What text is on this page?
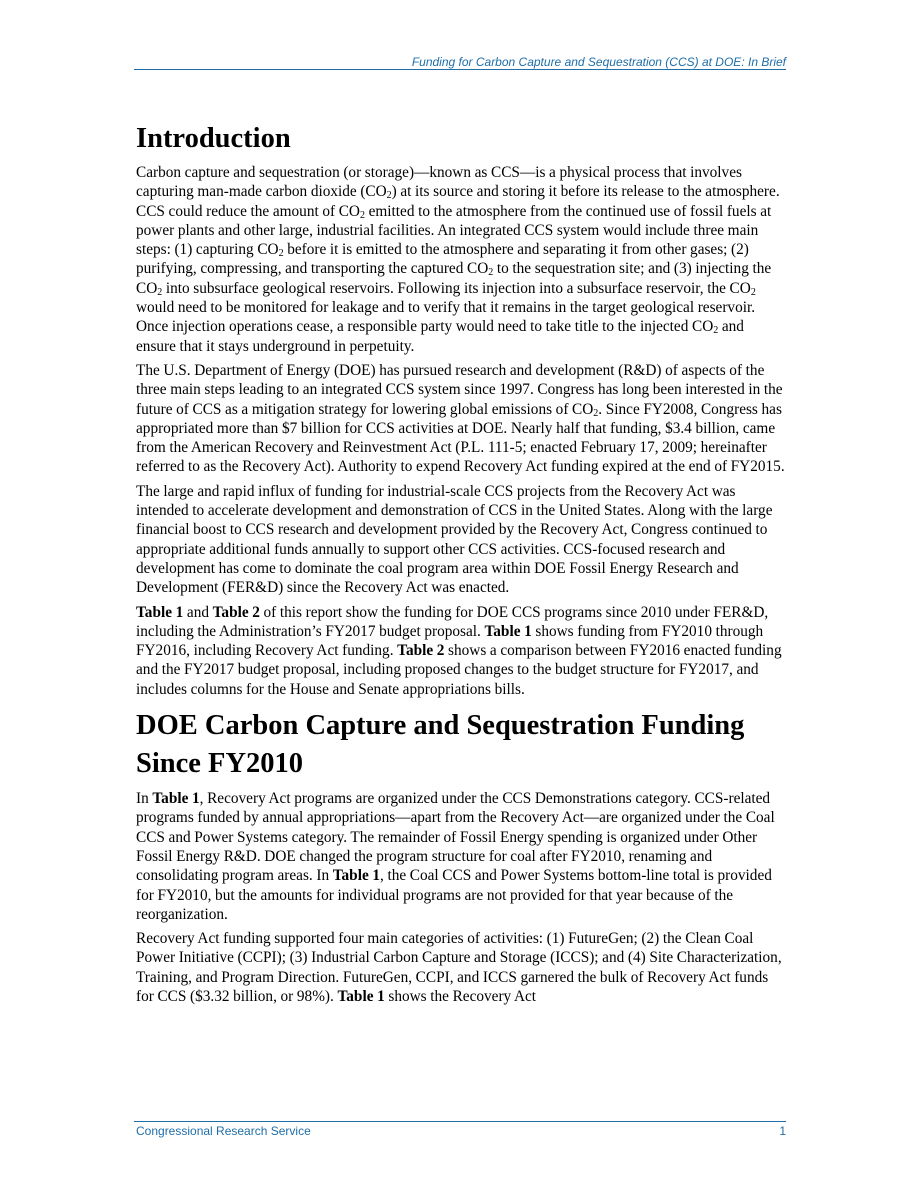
Funding for Carbon Capture and Sequestration (CCS) at DOE: In Brief
Introduction

Carbon capture and sequestration (or storage)—known as CCS—is a physical process that involves capturing man-made carbon dioxide $(CO_2)$ at its source and storing it before its release to the atmosphere. CCS could reduce the amount of $CO_2$ emitted to the atmosphere from the continued use of fossil fuels at power plants and other large, industrial facilities. An integrated CCS system would include three main steps: (1) capturing $CO_2$ before it is emitted to the atmosphere and separating it from other gases; (2) purifying, compressing, and transporting the captured $CO_2$ to the sequestration site; and (3) injecting the $CO_2$ into subsurface geological reservoirs. Following its injection into a subsurface reservoir, the $CO_2$ would need to be monitored for leakage and to verify that it remains in the target geological reservoir. Once injection operations cease, a responsible party would need to take title to the injected $CO_2$ and ensure that it stays underground in perpetuity.

The U.S. Department of Energy (DOE) has pursued research and development (R&D) of aspects of the three main steps leading to an integrated CCS system since 1997. Congress has long been interested in the future of CCS as a mitigation strategy for lowering global emissions of $CO_2$. Since FY2008, Congress has appropriated more than $7 billion for CCS activities at DOE. Nearly half that funding, $3.4 billion, came from the American Recovery and Reinvestment Act (P.L. 111-5; enacted February 17, 2009; hereinafter referred to as the Recovery Act). Authority to expend Recovery Act funding expired at the end of FY2015.

The large and rapid influx of funding for industrial-scale CCS projects from the Recovery Act was intended to accelerate development and demonstration of CCS in the United States. Along with the large financial boost to CCS research and development provided by the Recovery Act, Congress continued to appropriate additional funds annually to support other CCS activities. CCS-focused research and development has come to dominate the coal program area within DOE Fossil Energy Research and Development (FER&D) since the Recovery Act was enacted.

Table 1 and Table 2 of this report show the funding for DOE CCS programs since 2010 under FER&D, including the Administration’s FY2017 budget proposal. Table 1 shows funding from FY2010 through FY2016, including Recovery Act funding. Table 2 shows a comparison between FY2016 enacted funding and the FY2017 budget proposal, including proposed changes to the budget structure for FY2017, and includes columns for the House and Senate appropriations bills.

DOE Carbon Capture and Sequestration Funding Since FY2010

In Table 1, Recovery Act programs are organized under the CCS Demonstrations category. CCS-related programs funded by annual appropriations—apart from the Recovery Act—are organized under the Coal CCS and Power Systems category. The remainder of Fossil Energy spending is organized under Other Fossil Energy R&D. DOE changed the program structure for coal after FY2010, renaming and consolidating program areas. In Table 1, the Coal CCS and Power Systems bottom-line total is provided for FY2010, but the amounts for individual programs are not provided for that year because of the reorganization.

Recovery Act funding supported four main categories of activities: (1) FutureGen; (2) the Clean Coal Power Initiative (CCPI); (3) Industrial Carbon Capture and Storage (ICCS); and (4) Site Characterization, Training, and Program Direction. FutureGen, CCPI, and ICCS garnered the bulk of Recovery Act funds for CCS ($3.32 billion, or 98%). Table 1 shows the Recovery Act

Congressional Research Service	1
